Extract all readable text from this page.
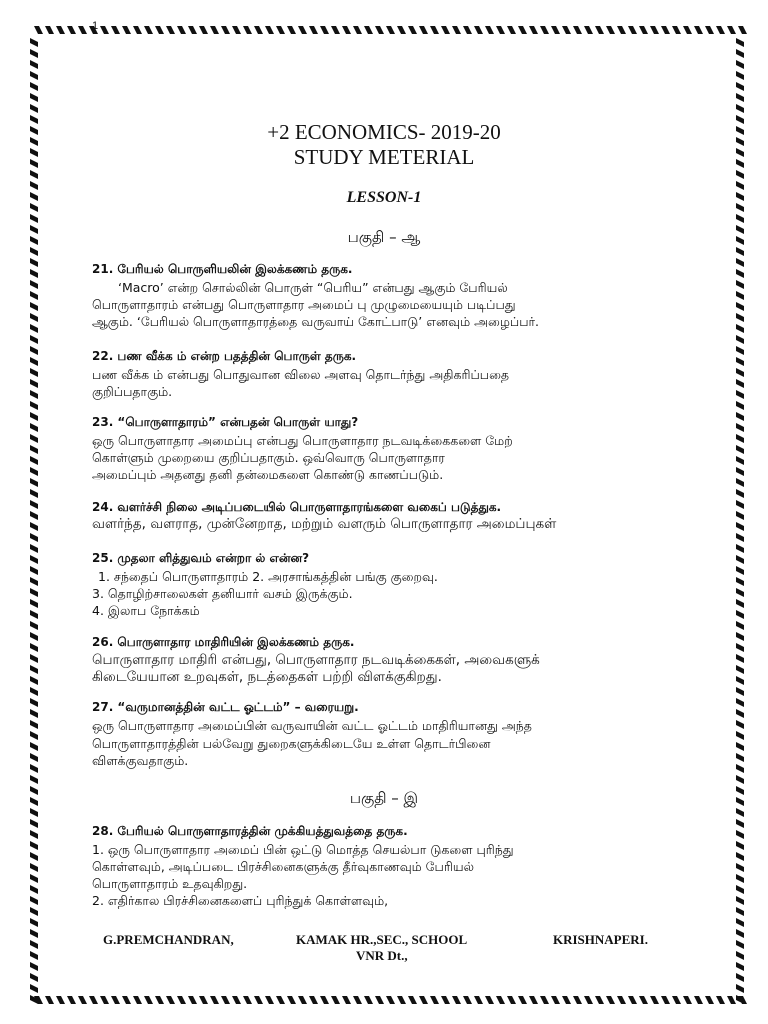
1
+2 ECONOMICS- 2019-20
STUDY METERIAL
LESSON-1
பகுதி – ஆ
21. பேரியல் பொருளியலின் இலக்கணம் தருக.
‘Macro’ என்ற சொல்லின் பொருள் “பெரிய” என்பது ஆகும் பேரியல்
பொருளாதாரம் என்பது பொருளாதார அமைப் பு முழுமையையும் படிப்பது
ஆகும். ‘பேரியல் பொருளாதாரத்தை வருவாய் கோட்பாடு’ எனவும் அழைப்பர்.
22. பண வீக்க ம் என்ற பதத்தின் பொருள் தருக.
பண வீக்க ம் என்பது பொதுவான விலை அளவு தொடர்ந்து அதிகரிப்பதை
குறிப்பதாகும்.
23. “பொருளாதாரம்” என்பதன் பொருள் யாது?
ஒரு பொருளாதார அமைப்பு என்பது பொருளாதார நடவடிக்கைகளை மேற்
கொள்ளும் முறையை குறிப்பதாகும். ஒவ்வொரு பொருளாதார
அமைப்பும் அதனது தனி தன்மைகளை கொண்டு காணப்படும்.
24. வளர்ச்சி நிலை அடிப்படையில் பொருளாதாரங்களை வகைப் படுத்துக.
வளர்ந்த, வளராத, முன்னேறாத, மற்றும் வளரும் பொருளாதார அமைப்புகள்
25. முதலா ளித்துவம் என்றா ல் என்ன?
1. சந்தைப் பொருளாதாரம் 2. அரசாங்கத்தின் பங்கு குறைவு.
3. தொழிற்சாலைகள் தனியார் வசம் இருக்கும்.
4. இலாப நோக்கம்
26. பொருளாதார மாதிரியின் இலக்கணம் தருக.
பொருளாதார மாதிரி என்பது, பொருளாதார நடவடிக்கைகள், அவைகளுக்
கிடையேயான உறவுகள், நடத்தைகள் பற்றி விளக்குகிறது.
27. “வருமானத்தின் வட்ட ஓட்டம்” – வரையறு.
ஒரு பொருளாதார அமைப்பின் வருவாயின் வட்ட ஓட்டம் மாதிரியானது அந்த
பொருளாதாரத்தின் பல்வேறு துறைகளுக்கிடையே உள்ள தொடர்பினை
விளக்குவதாகும்.
பகுதி – இ
28. பேரியல் பொருளாதாரத்தின் முக்கியத்துவத்தை தருக.
1. ஒரு பொருளாதார அமைப் பின் ஒட்டு மொத்த செயல்பா டுகளை புரிந்து
கொள்ளவும், அடிப்படை பிரச்சினைகளுக்கு தீர்வுகாணவும் பேரியல்
பொருளாதாரம் உதவுகிறது.
2. எதிர்கால பிரச்சினைகளைப் புரிந்துக் கொள்ளவும்,
G.PREMCHANDRAN,	KAMAK HR.,SEC., SCHOOL	KRISHNAPERI.
VNR Dt.,
